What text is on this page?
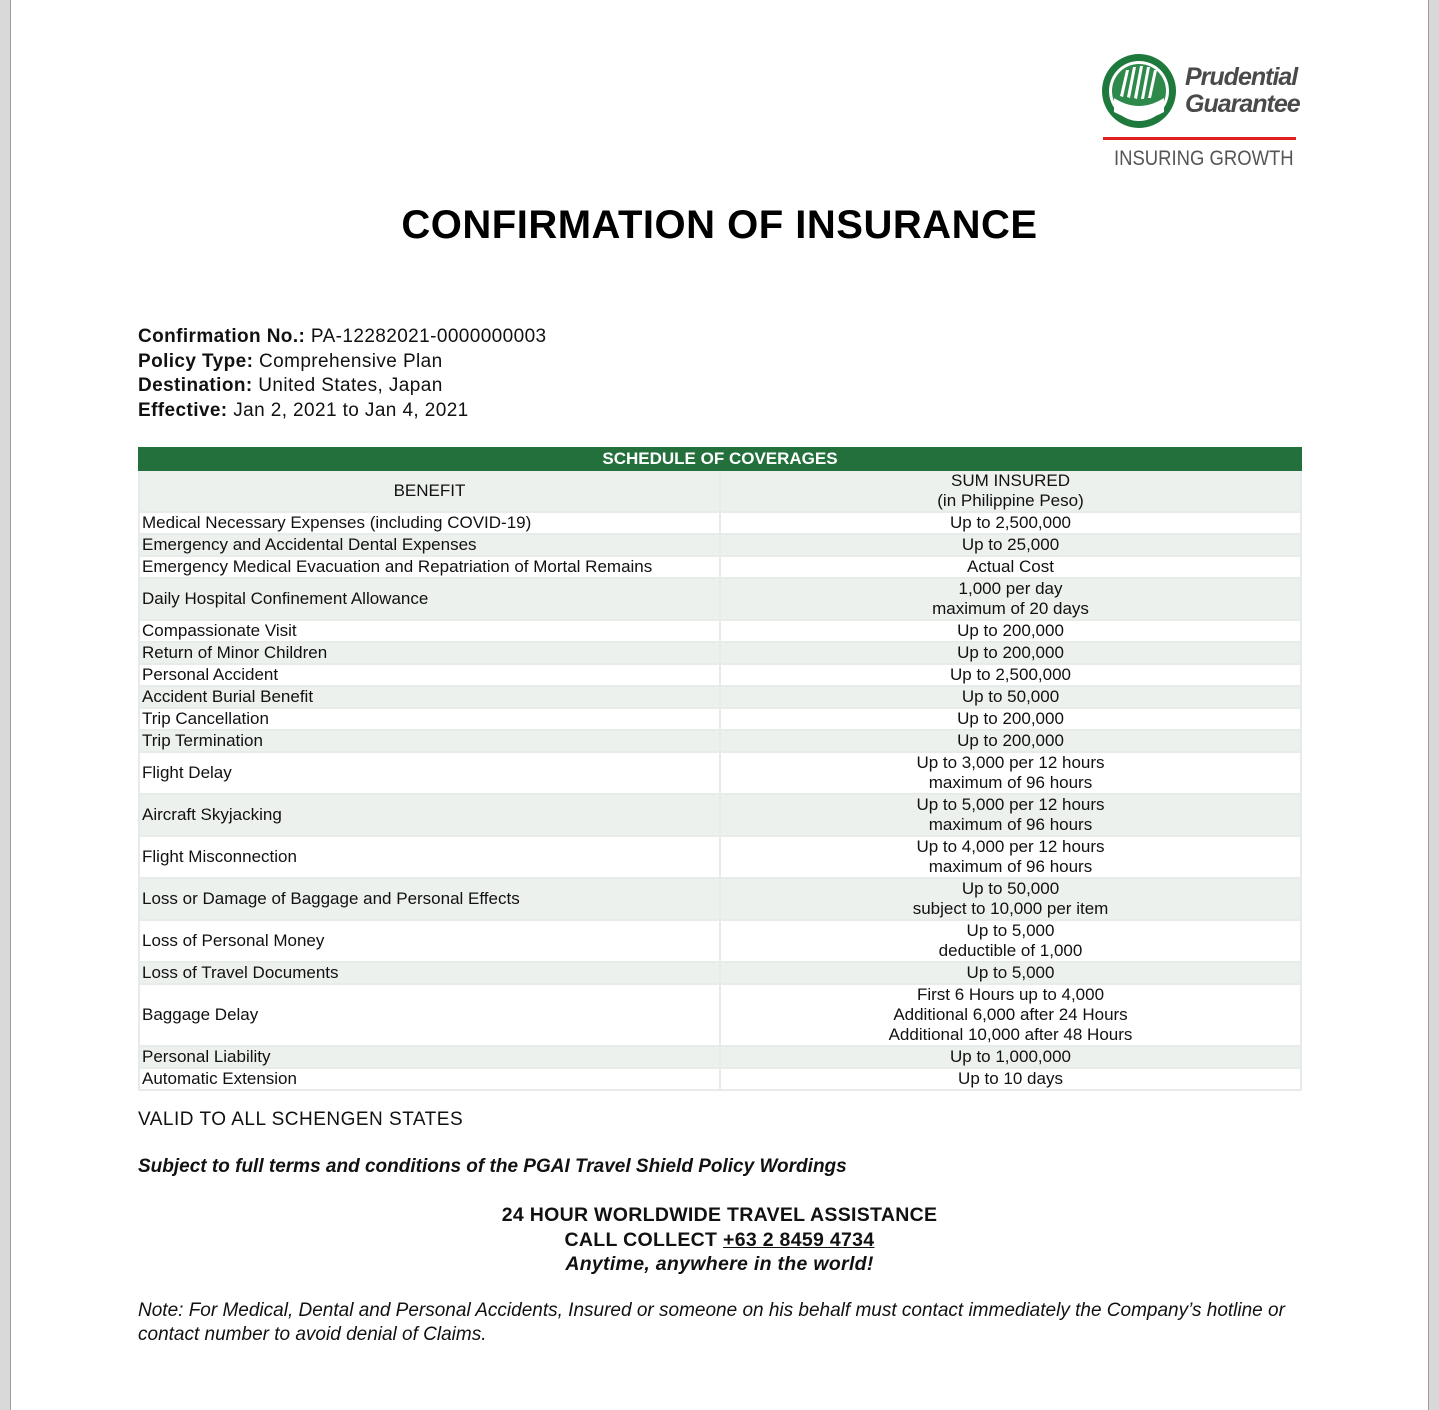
Prudential
Guarantee
INSURING GROWTH
CONFIRMATION OF INSURANCE
Confirmation No.: PA-12282021-0000000003
Policy Type: Comprehensive Plan
Destination: United States, Japan
Effective: Jan 2, 2021 to Jan 4, 2021
SCHEDULE OF COVERAGES	
BENEFIT	SUM INSURED
(in Philippine Peso)
Medical Necessary Expenses (including COVID-19)	Up to 2,500,000
Emergency and Accidental Dental Expenses	Up to 25,000
Emergency Medical Evacuation and Repatriation of Mortal Remains	Actual Cost
Daily Hospital Confinement Allowance	1,000 per day
maximum of 20 days
Compassionate Visit	Up to 200,000
Return of Minor Children	Up to 200,000
Personal Accident	Up to 2,500,000
Accident Burial Benefit	Up to 50,000
Trip Cancellation	Up to 200,000
Trip Termination	Up to 200,000
Flight Delay	Up to 3,000 per 12 hours
maximum of 96 hours
Aircraft Skyjacking	Up to 5,000 per 12 hours
maximum of 96 hours
Flight Misconnection	Up to 4,000 per 12 hours
maximum of 96 hours
Loss or Damage of Baggage and Personal Effects	Up to 50,000
subject to 10,000 per item
Loss of Personal Money	Up to 5,000
deductible of 1,000
Loss of Travel Documents	Up to 5,000
Baggage Delay	First 6 Hours up to 4,000
Additional 6,000 after 24 Hours
Additional 10,000 after 48 Hours
Personal Liability	Up to 1,000,000
Automatic Extension	Up to 10 days
VALID TO ALL SCHENGEN STATES
Subject to full terms and conditions of the PGAI Travel Shield Policy Wordings
24 HOUR WORLDWIDE TRAVEL ASSISTANCE
CALL COLLECT +63 2 8459 4734
Anytime, anywhere in the world!
Note: For Medical, Dental and Personal Accidents, Insured or someone on his behalf must contact immediately the Company’s hotline or contact number to avoid denial of Claims.
